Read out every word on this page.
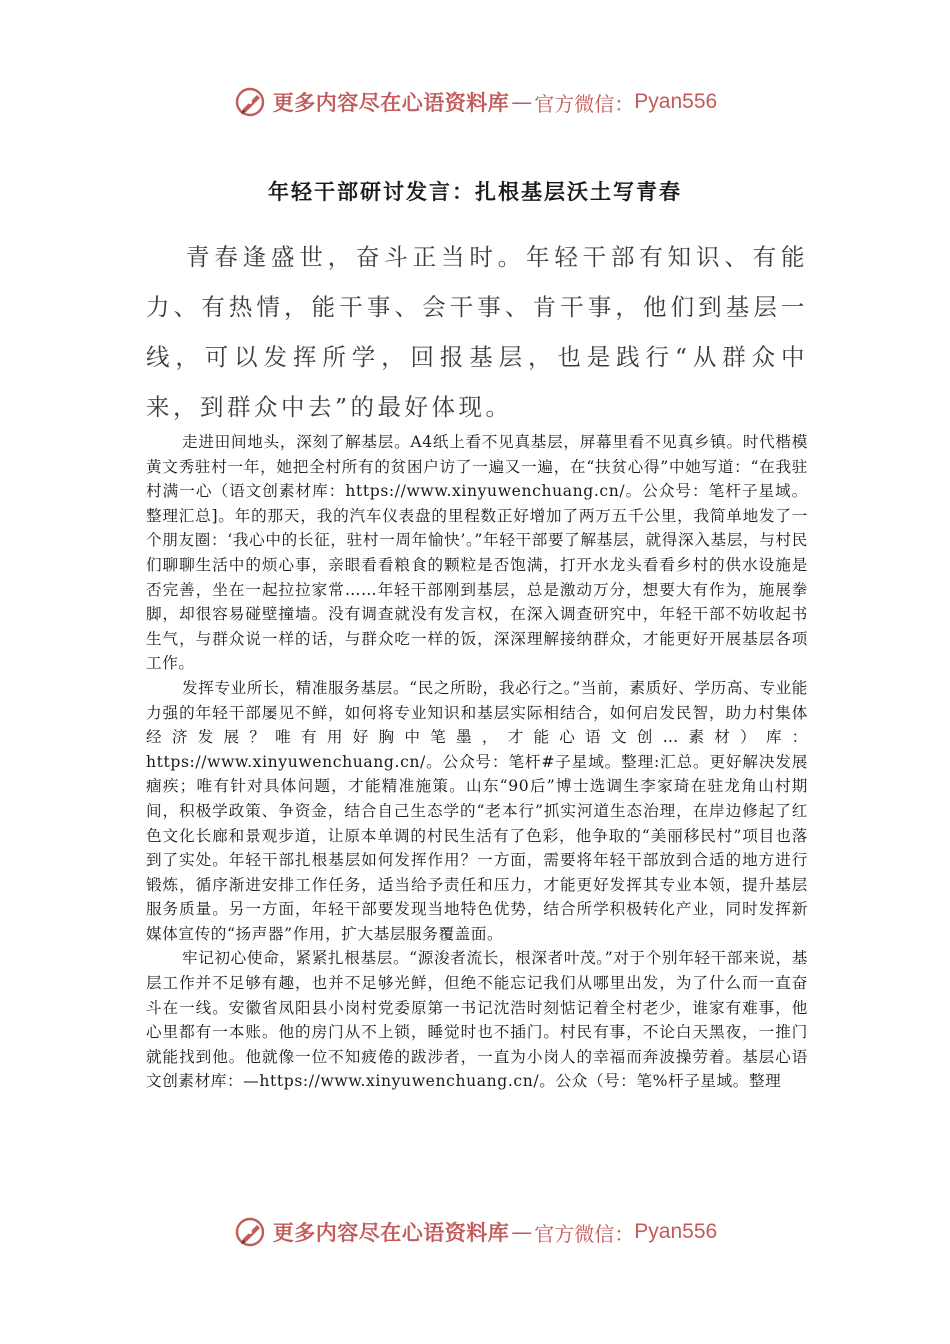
更多内容尽在心语资料库 — 官方微信： Pyan556
年轻干部研讨发言：扎根基层沃土写青春

青春逢盛世，奋斗正当时。年轻干部有知识、有能力、有热情，能干事、会干事、肯干事，他们到基层一线，可以发挥所学，回报基层，也是践行“从群众中来，到群众中去”的最好体现。

走进田间地头，深刻了解基层。A4纸上看不见真基层，屏幕里看不见真乡镇。时代楷模黄文秀驻村一年，她把全村所有的贫困户访了一遍又一遍，在“扶贫心得”中她写道：“在我驻村满一心（语文创素材库：https://www.xinyuwenchuang.cn/。公众号：笔杆子星域。整理汇总]。年的那天，我的汽车仪表盘的里程数正好增加了两万五千公里，我简单地发了一个朋友圈：‘我心中的长征，驻村一周年愉快’。”年轻干部要了解基层，就得深入基层，与村民们聊聊生活中的烦心事，亲眼看看粮食的颗粒是否饱满，打开水龙头看看乡村的供水设施是否完善，坐在一起拉拉家常……年轻干部刚到基层，总是激动万分，想要大有作为，施展拳脚，却很容易碰壁撞墙。没有调查就没有发言权，在深入调查研究中，年轻干部不妨收起书生气，与群众说一样的话，与群众吃一样的饭，深深理解接纳群众，才能更好开展基层各项工作。

发挥专业所长，精准服务基层。“民之所盼，我必行之。”当前，素质好、学历高、专业能力强的年轻干部屡见不鲜，如何将专业知识和基层实际相结合，如何启发民智，助力村集体经济发展？唯有用好胸中笔墨，才能心语文创…素材）库：https://www.xinyuwenchuang.cn/。公众号：笔杆#子星域。整理:汇总。更好解决发展痼疾；唯有针对具体问题，才能精准施策。山东“90后”博士选调生李家琦在驻龙角山村期间，积极学政策、争资金，结合自己生态学的“老本行”抓实河道生态治理，在岸边修起了红色文化长廊和景观步道，让原本单调的村民生活有了色彩，他争取的“美丽移民村”项目也落到了实处。年轻干部扎根基层如何发挥作用？一方面，需要将年轻干部放到合适的地方进行锻炼，循序渐进安排工作任务，适当给予责任和压力，才能更好发挥其专业本领，提升基层服务质量。另一方面，年轻干部要发现当地特色优势，结合所学积极转化产业，同时发挥新媒体宣传的“扬声器”作用，扩大基层服务覆盖面。

牢记初心使命，紧紧扎根基层。“源浚者流长，根深者叶茂。”对于个别年轻干部来说，基层工作并不足够有趣，也并不足够光鲜，但绝不能忘记我们从哪里出发，为了什么而一直奋斗在一线。安徽省凤阳县小岗村党委原第一书记沈浩时刻惦记着全村老少，谁家有难事，他心里都有一本账。他的房门从不上锁，睡觉时也不插门。村民有事，不论白天黑夜，一推门就能找到他。他就像一位不知疲倦的跋涉者，一直为小岗人的幸福而奔波操劳着。基层心语文创素材库：—https://www.xinyuwenchuang.cn/。公众（号：笔%杆子星域。整理

更多内容尽在心语资料库 — 官方微信： Pyan556
